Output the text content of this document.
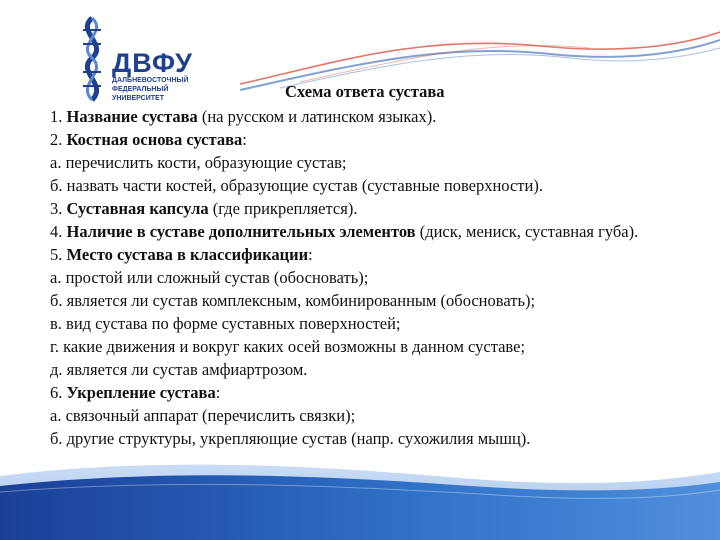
ДВФУ
ДАЛЬНЕВОСТОЧНЫЙ
ФЕДЕРАЛЬНЫЙ
УНИВЕРСИТЕТ	Схема ответа сустава
1. Название сустава (на русском и латинском языках).
2. Костная основа сустава:
а. перечислить кости, образующие сустав;
б. назвать части костей, образующие сустав (суставные поверхности).
3. Суставная капсула (где прикрепляется).
4. Наличие в суставе дополнительных элементов (диск, мениск, суставная губа).
5. Место сустава в классификации:
а. простой или сложный сустав (обосновать);
б. является ли сустав комплексным, комбинированным (обосновать);
в. вид сустава по форме суставных поверхностей;
г. какие движения и вокруг каких осей возможны в данном суставе;
д. является ли сустав амфиартрозом.
6. Укрепление сустава:
а. связочный аппарат (перечислить связки);
б. другие структуры, укрепляющие сустав (напр. сухожилия мышц).
